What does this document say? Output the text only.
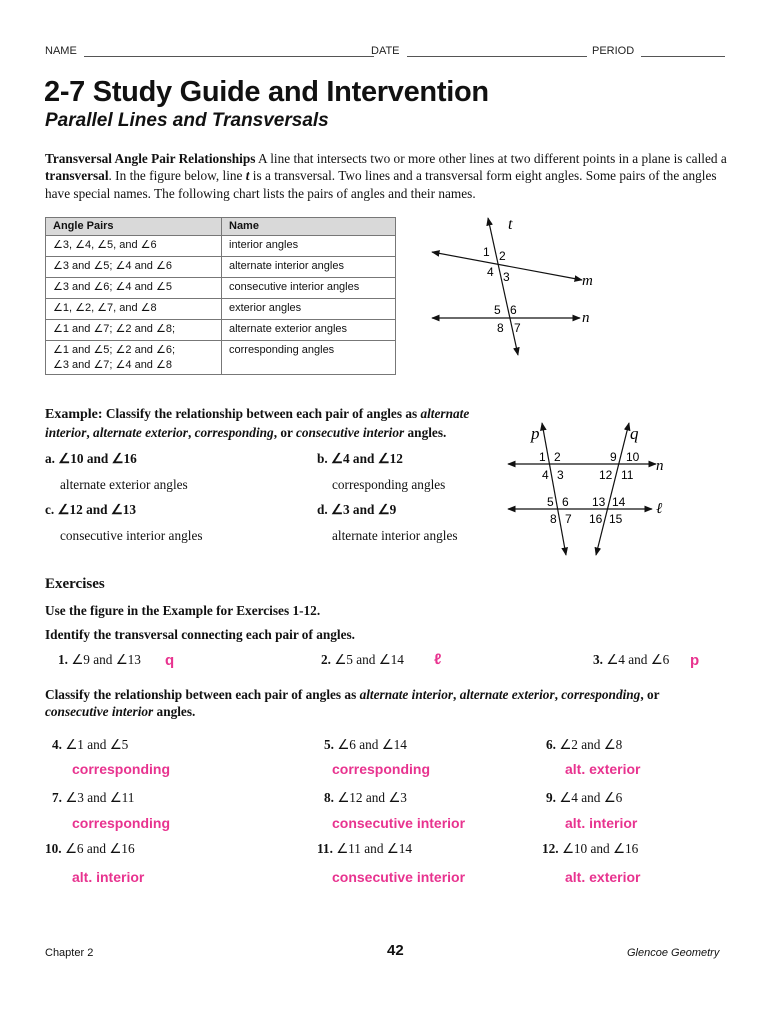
NAME	DATE	PERIOD
2-7 Study Guide and Intervention
Parallel Lines and Transversals
Transversal Angle Pair Relationships A line that intersects two or more other lines at two different points in a plane is called a transversal. In the figure below, line t is a transversal. Two lines and a transversal form eight angles. Some pairs of the angles have special names. The following chart lists the pairs of angles and their names.
Angle Pairs	Name
∠3, ∠4, ∠5, and ∠6	interior angles
∠3 and ∠5; ∠4 and ∠6	alternate interior angles
∠3 and ∠6; ∠4 and ∠5	consecutive interior angles
∠1, ∠2, ∠7, and ∠8	exterior angles
∠1 and ∠7; ∠2 and ∠8;	alternate exterior angles
∠1 and ∠5; ∠2 and ∠6;
∠3 and ∠7; ∠4 and ∠8	corresponding angles
t
m
n
1 2
4 3
5 6
8 7
Example: Classify the relationship between each pair of angles as alternate interior, alternate exterior, corresponding, or consecutive interior angles.
a. ∠10 and ∠16
alternate exterior angles
b. ∠4 and ∠12
corresponding angles
c. ∠12 and ∠13
consecutive interior angles
d. ∠3 and ∠9
alternate interior angles
p	q
n
ℓ
1 2
4 3
5 6
8 7
9 10
12 11
13 14
16 15
Exercises
Use the figure in the Example for Exercises 1-12.
Identify the transversal connecting each pair of angles.
1. ∠9 and ∠13 q	2. ∠5 and ∠14 ℓ	3. ∠4 and ∠6 p
Classify the relationship between each pair of angles as alternate interior, alternate exterior, corresponding, or
consecutive interior angles.
4. ∠1 and ∠5
corresponding
5. ∠6 and ∠14
corresponding
6. ∠2 and ∠8
alt. exterior
7. ∠3 and ∠11
corresponding
8. ∠12 and ∠3
consecutive interior
9. ∠4 and ∠6
alt. interior
10. ∠6 and ∠16
alt. interior
11. ∠11 and ∠14
consecutive interior
12. ∠10 and ∠16
alt. exterior
Chapter 2	42	Glencoe Geometry
